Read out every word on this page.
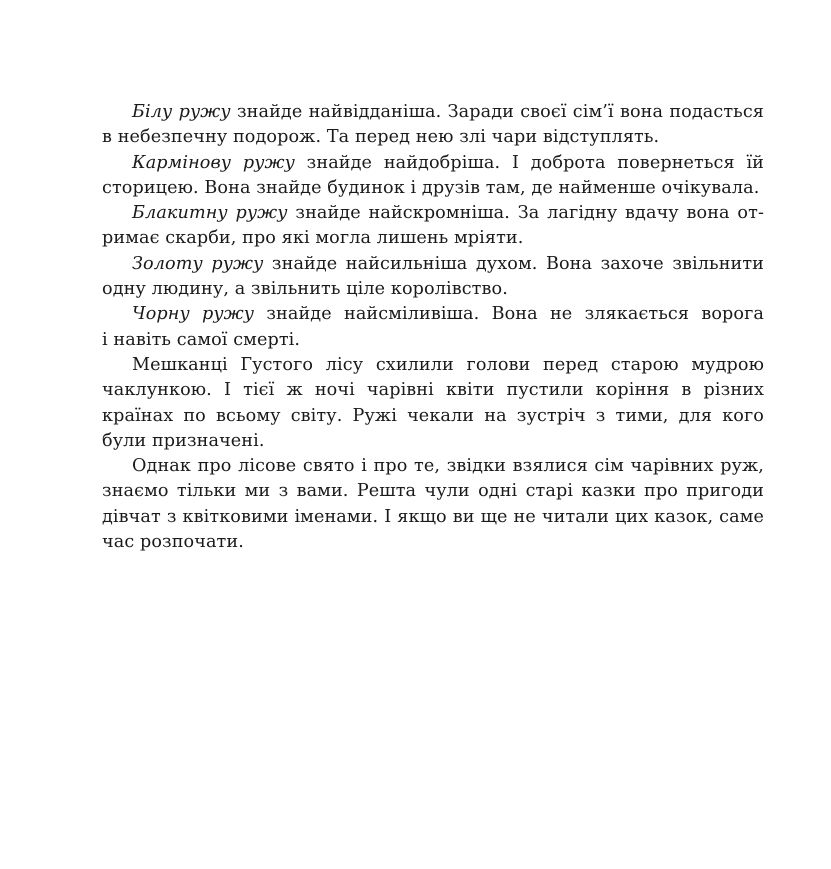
Білу ружу знайде найвідданіша. Заради своєї сім’ї вона подасться
в небезпечну подорож. Та перед нею злі чари відступлять.
Кармінову ружу знайде найдобріша. І доброта повернеться їй
сторицею. Вона знайде будинок і друзів там, де найменше очікувала.
Блакитну ружу знайде найскромніша. За лагідну вдачу вона от-
римає скарби, про які могла лишень мріяти.
Золоту ружу знайде найсильніша духом. Вона захоче звільнити
одну людину, а звільнить ціле королівство.
Чорну ружу знайде найсміливіша. Вона не злякається ворога
і навіть самої смерті.
Мешканці Густого лісу схилили голови перед старою мудрою
чаклункою. І тієї ж ночі чарівні квіти пустили коріння в різних
країнах по всьому світу. Ружі чекали на зустріч з тими, для кого
були призначені.
Однак про лісове свято і про те, звідки взялися сім чарівних руж,
знаємо тільки ми з вами. Решта чули одні старі казки про пригоди
дівчат з квітковими іменами. І якщо ви ще не читали цих казок, саме
час розпочати.
